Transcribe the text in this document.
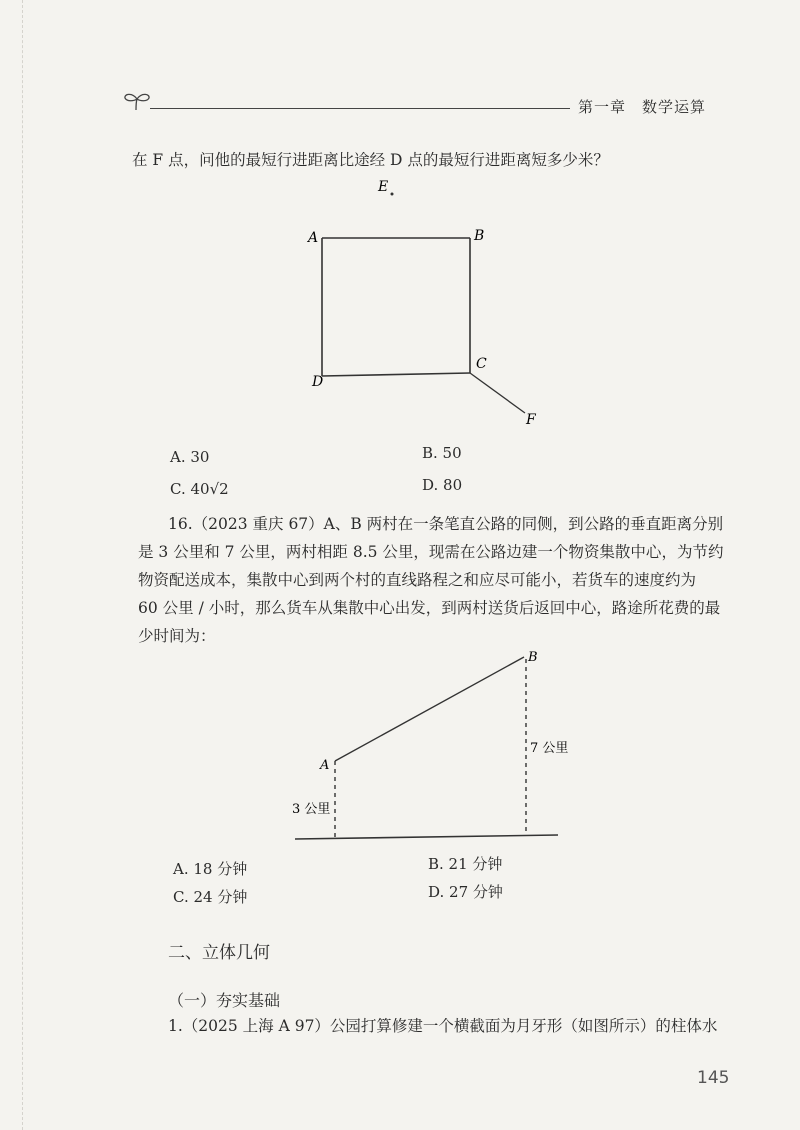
第一章　数学运算
在 F 点，问他的最短行进距离比途经 D 点的最短行进距离短多少米？
E
A	B
C
D
F
A. 30	B. 50
C. 40√2	D. 80
16.（2023 重庆 67）A、B 两村在一条笔直公路的同侧，到公路的垂直距离分别
是 3 公里和 7 公里，两村相距 8.5 公里，现需在公路边建一个物资集散中心，为节约
物资配送成本，集散中心到两个村的直线路程之和应尽可能小，若货车的速度约为
60 公里 / 小时，那么货车从集散中心出发，到两村送货后返回中心，路途所花费的最
少时间为：
A
B
3 公里
7 公里
A. 18 分钟	B. 21 分钟
C. 24 分钟	D. 27 分钟
二、立体几何
（一）夯实基础
1.（2025 上海 A 97）公园打算修建一个横截面为月牙形（如图所示）的柱体水
145
